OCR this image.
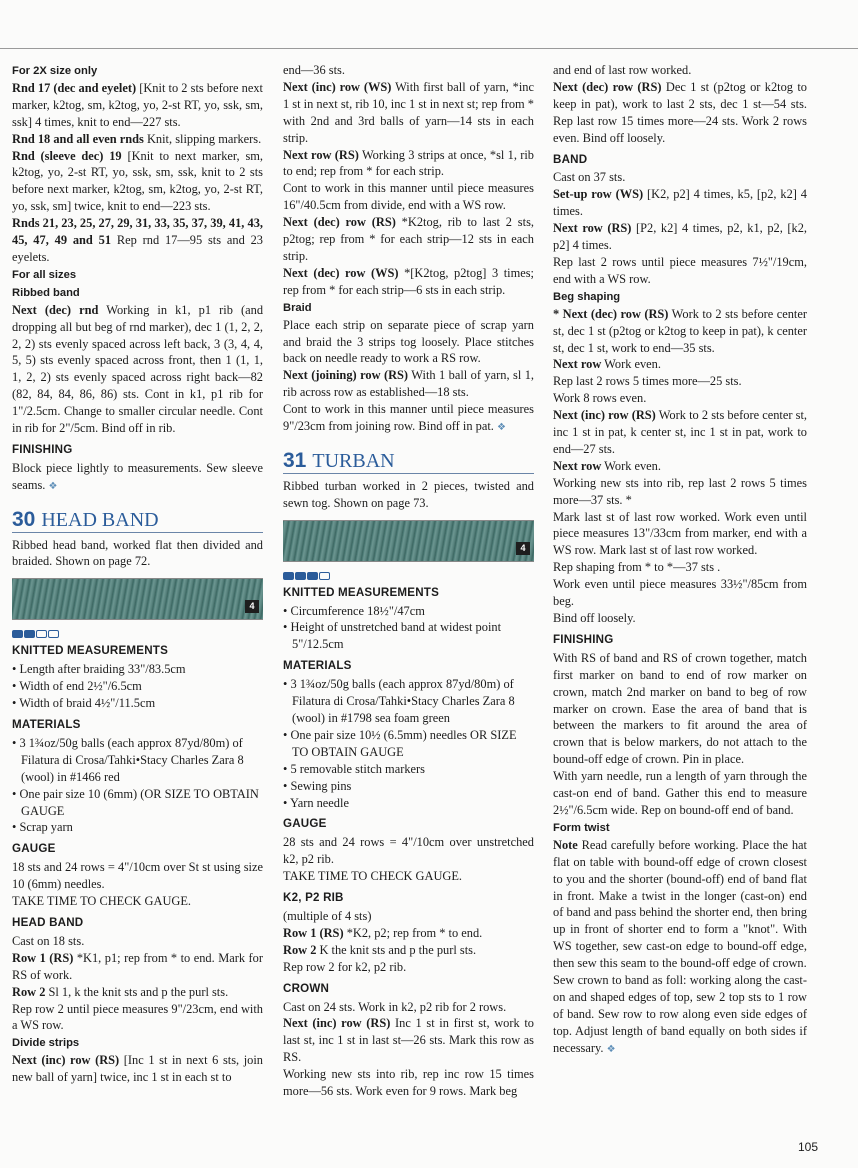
For 2X size only

Rnd 17 (dec and eyelet) [Knit to 2 sts before next marker, k2tog, sm, k2tog, yo, 2-st RT, yo, ssk, sm, ssk] 4 times, knit to end—227 sts.

Rnd 18 and all even rnds Knit, slipping markers.

Rnd (sleeve dec) 19 [Knit to next marker, sm, k2tog, yo, 2-st RT, yo, ssk, sm, ssk, knit to 2 sts before next marker, k2tog, sm, k2tog, yo, 2-st RT, yo, ssk, sm] twice, knit to end—223 sts.

Rnds 21, 23, 25, 27, 29, 31, 33, 35, 37, 39, 41, 43, 45, 47, 49 and 51 Rep rnd 17—95 sts and 23 eyelets.

For all sizes

Ribbed band

Next (dec) rnd Working in k1, p1 rib (and dropping all but beg of rnd marker), dec 1 (1, 2, 2, 2, 2) sts evenly spaced across left back, 3 (3, 4, 4, 5, 5) sts evenly spaced across front, then 1 (1, 1, 1, 2, 2) sts evenly spaced across right back—82 (82, 84, 84, 86, 86) sts. Cont in k1, p1 rib for 1"/2.5cm. Change to smaller circular needle. Cont in rib for 2"/5cm. Bind off in rib.

FINISHING

Block piece lightly to measurements. Sew sleeve seams. ❖

30 HEAD BAND

Ribbed head band, worked flat then divided and braided. Shown on page 72.

4

KNITTED MEASUREMENTS

• Length after braiding 33"/83.5cm

• Width of end 2½"/6.5cm

• Width of braid 4½"/11.5cm

MATERIALS

• 3 1¾oz/50g balls (each approx 87yd/80m) of Filatura di Crosa/Tahki•Stacy Charles Zara 8 (wool) in #1466 red

• One pair size 10 (6mm) (OR SIZE TO OBTAIN GAUGE

• Scrap yarn

GAUGE

18 sts and 24 rows = 4"/10cm over St st using size 10 (6mm) needles.

TAKE TIME TO CHECK GAUGE.

HEAD BAND

Cast on 18 sts.

Row 1 (RS) *K1, p1; rep from * to end. Mark for RS of work.

Row 2 Sl 1, k the knit sts and p the purl sts.

Rep row 2 until piece measures 9"/23cm, end with a WS row.

Divide strips

Next (inc) row (RS) [Inc 1 st in next 6 sts, join new ball of yarn] twice, inc 1 st in each st to

end—36 sts.

Next (inc) row (WS) With first ball of yarn, *inc 1 st in next st, rib 10, inc 1 st in next st; rep from * with 2nd and 3rd balls of yarn—14 sts in each strip.

Next row (RS) Working 3 strips at once, *sl 1, rib to end; rep from * for each strip.

Cont to work in this manner until piece measures 16"/40.5cm from divide, end with a WS row.

Next (dec) row (RS) *K2tog, rib to last 2 sts, p2tog; rep from * for each strip—12 sts in each strip.

Next (dec) row (WS) *[K2tog, p2tog] 3 times; rep from * for each strip—6 sts in each strip.

Braid

Place each strip on separate piece of scrap yarn and braid the 3 strips tog loosely. Place stitches back on needle ready to work a RS row.

Next (joining) row (RS) With 1 ball of yarn, sl 1, rib across row as established—18 sts.

Cont to work in this manner until piece measures 9"/23cm from joining row. Bind off in pat. ❖

31 TURBAN

Ribbed turban worked in 2 pieces, twisted and sewn tog. Shown on page 73.

4

KNITTED MEASUREMENTS

• Circumference 18½"/47cm

• Height of unstretched band at widest point 5"/12.5cm

MATERIALS

• 3 1¾oz/50g balls (each approx 87yd/80m) of Filatura di Crosa/Tahki•Stacy Charles Zara 8 (wool) in #1798 sea foam green

• One pair size 10½ (6.5mm) needles OR SIZE TO OBTAIN GAUGE

• 5 removable stitch markers

• Sewing pins

• Yarn needle

GAUGE

28 sts and 24 rows = 4"/10cm over unstretched k2, p2 rib.

TAKE TIME TO CHECK GAUGE.

K2, P2 RIB

(multiple of 4 sts)

Row 1 (RS) *K2, p2; rep from * to end.

Row 2 K the knit sts and p the purl sts.

Rep row 2 for k2, p2 rib.

CROWN

Cast on 24 sts. Work in k2, p2 rib for 2 rows.

Next (inc) row (RS) Inc 1 st in first st, work to last st, inc 1 st in last st—26 sts. Mark this row as RS.

Working new sts into rib, rep inc row 15 times more—56 sts. Work even for 9 rows. Mark beg

and end of last row worked.

Next (dec) row (RS) Dec 1 st (p2tog or k2tog to keep in pat), work to last 2 sts, dec 1 st—54 sts. Rep last row 15 times more—24 sts. Work 2 rows even. Bind off loosely.

BAND

Cast on 37 sts.

Set-up row (WS) [K2, p2] 4 times, k5, [p2, k2] 4 times.

Next row (RS) [P2, k2] 4 times, p2, k1, p2, [k2, p2] 4 times.

Rep last 2 rows until piece measures 7½"/19cm, end with a WS row.

Beg shaping

* Next (dec) row (RS) Work to 2 sts before center st, dec 1 st (p2tog or k2tog to keep in pat), k center st, dec 1 st, work to end—35 sts.

Next row Work even.

Rep last 2 rows 5 times more—25 sts.

Work 8 rows even.

Next (inc) row (RS) Work to 2 sts before center st, inc 1 st in pat, k center st, inc 1 st in pat, work to end—27 sts.

Next row Work even.

Working new sts into rib, rep last 2 rows 5 times more—37 sts. *

Mark last st of last row worked. Work even until piece measures 13"/33cm from marker, end with a WS row. Mark last st of last row worked.

Rep shaping from * to *—37 sts .

Work even until piece measures 33½"/85cm from beg.

Bind off loosely.

FINISHING

With RS of band and RS of crown together, match first marker on band to end of row marker on crown, match 2nd marker on band to beg of row marker on crown. Ease the area of band that is between the markers to fit around the area of crown that is below markers, do not attach to the bound-off edge of crown. Pin in place.

With yarn needle, run a length of yarn through the cast-on end of band. Gather this end to measure 2½"/6.5cm wide. Rep on bound-off end of band.

Form twist

Note Read carefully before working. Place the hat flat on table with bound-off edge of crown closest to you and the shorter (bound-off) end of band flat in front. Make a twist in the longer (cast-on) end of band and pass behind the shorter end, then bring up in front of shorter end to form a "knot". With WS together, sew cast-on edge to bound-off edge, then sew this seam to the bound-off edge of crown.

Sew crown to band as foll: working along the cast-on and shaped edges of top, sew 2 top sts to 1 row of band. Sew row to row along even side edges of top. Adjust length of band equally on both sides if necessary. ❖

105
